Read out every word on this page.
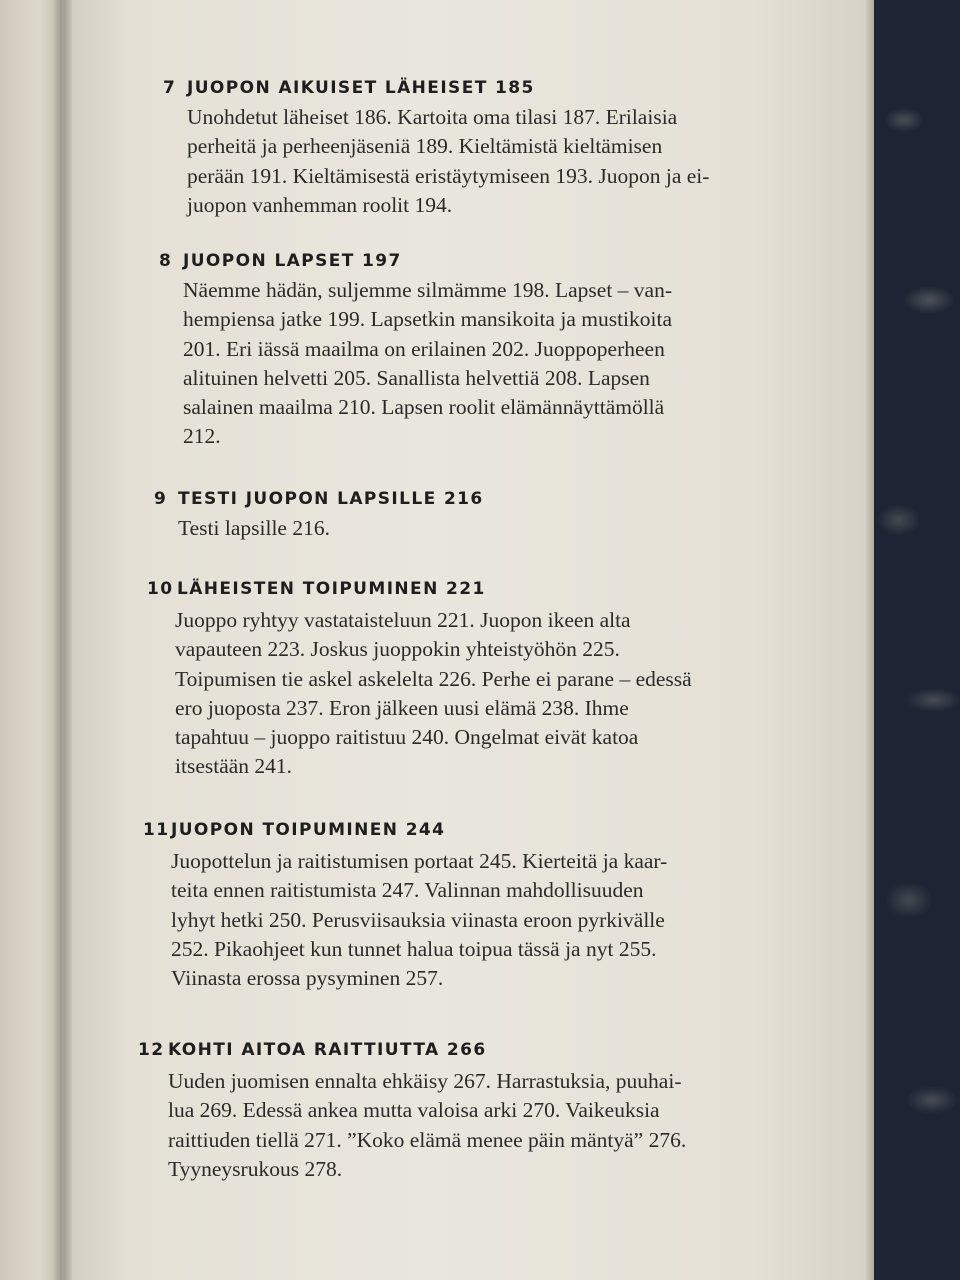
7 JUOPON AIKUISET LÄHEISET 185
Unohdetut läheiset 186. Kartoita oma tilasi 187. Erilaisia
perheitä ja perheenjäseniä 189. Kieltämistä kieltämisen
perään 191. Kieltämisestä eristäytymiseen 193. Juopon ja ei-
juopon vanhemman roolit 194.
8 JUOPON LAPSET 197
Näemme hädän, suljemme silmämme 198. Lapset – van-
hempiensa jatke 199. Lapsetkin mansikoita ja mustikoita
201. Eri iässä maailma on erilainen 202. Juoppoperheen
alituinen helvetti 205. Sanallista helvettiä 208. Lapsen
salainen maailma 210. Lapsen roolit elämännäyttämöllä
212.
9 TESTI JUOPON LAPSILLE 216
Testi lapsille 216.
10 LÄHEISTEN TOIPUMINEN 221
Juoppo ryhtyy vastataisteluun 221. Juopon ikeen alta
vapauteen 223. Joskus juoppokin yhteistyöhön 225.
Toipumisen tie askel askelelta 226. Perhe ei parane – edessä
ero juoposta 237. Eron jälkeen uusi elämä 238. Ihme
tapahtuu – juoppo raitistuu 240. Ongelmat eivät katoa
itsestään 241.
11JUOPON TOIPUMINEN 244
Juopottelun ja raitistumisen portaat 245. Kierteitä ja kaar-
teita ennen raitistumista 247. Valinnan mahdollisuuden
lyhyt hetki 250. Perusviisauksia viinasta eroon pyrkivälle
252. Pikaohjeet kun tunnet halua toipua tässä ja nyt 255.
Viinasta erossa pysyminen 257.
12 KOHTI AITOA RAITTIUTTA 266
Uuden juomisen ennalta ehkäisy 267. Harrastuksia, puuhai-
lua 269. Edessä ankea mutta valoisa arki 270. Vaikeuksia
raittiuden tiellä 271. ”Koko elämä menee päin mäntyä” 276.
Tyyneysrukous 278.
